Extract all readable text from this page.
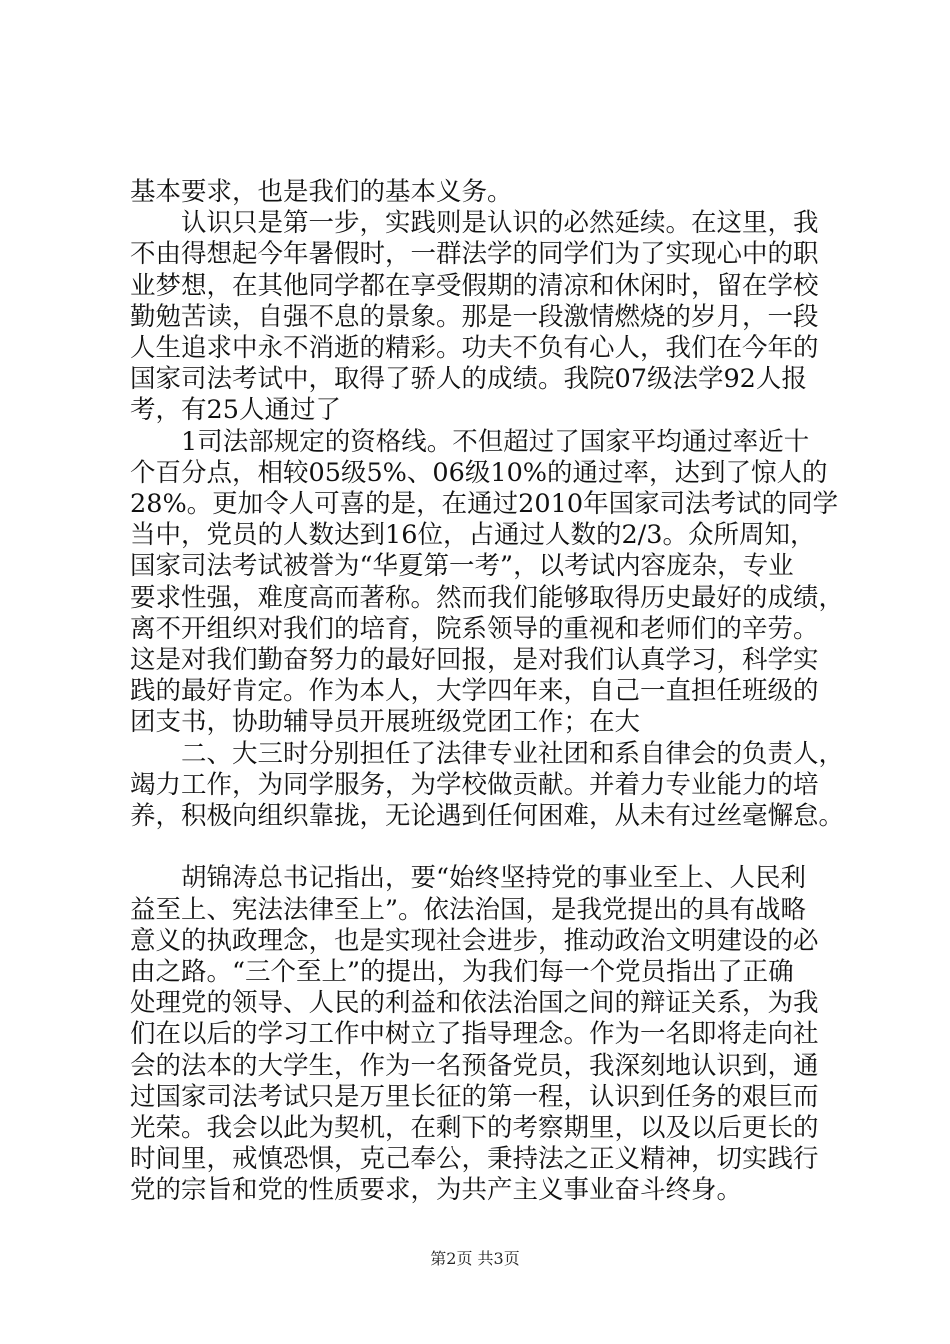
基本要求，也是我们的基本义务。
认识只是第一步，实践则是认识的必然延续。在这里，我
不由得想起今年暑假时，一群法学的同学们为了实现心中的职
业梦想，在其他同学都在享受假期的清凉和休闲时，留在学校
勤勉苦读，自强不息的景象。那是一段激情燃烧的岁月，一段
人生追求中永不消逝的精彩。功夫不负有心人，我们在今年的
国家司法考试中，取得了骄人的成绩。我院07级法学92人报
考，有25人通过了
1司法部规定的资格线。不但超过了国家平均通过率近十
个百分点，相较05级5%、06级10%的通过率，达到了惊人的
28%。更加令人可喜的是，在通过2010年国家司法考试的同学
当中，党员的人数达到16位，占通过人数的2/3。众所周知，
国家司法考试被誉为“华夏第一考”，以考试内容庞杂，专业
要求性强，难度高而著称。然而我们能够取得历史最好的成绩，
离不开组织对我们的培育，院系领导的重视和老师们的辛劳。
这是对我们勤奋努力的最好回报，是对我们认真学习，科学实
践的最好肯定。作为本人，大学四年来，自己一直担任班级的
团支书，协助辅导员开展班级党团工作；在大
二、大三时分别担任了法律专业社团和系自律会的负责人，
竭力工作，为同学服务，为学校做贡献。并着力专业能力的培
养，积极向组织靠拢，无论遇到任何困难，从未有过丝毫懈怠。
胡锦涛总书记指出，要“始终坚持党的事业至上、人民利
益至上、宪法法律至上”。依法治国，是我党提出的具有战略
意义的执政理念，也是实现社会进步，推动政治文明建设的必
由之路。“三个至上”的提出，为我们每一个党员指出了正确
处理党的领导、人民的利益和依法治国之间的辩证关系，为我
们在以后的学习工作中树立了指导理念。作为一名即将走向社
会的法本的大学生，作为一名预备党员，我深刻地认识到，通
过国家司法考试只是万里长征的第一程，认识到任务的艰巨而
光荣。我会以此为契机，在剩下的考察期里，以及以后更长的
时间里，戒慎恐惧，克己奉公，秉持法之正义精神，切实践行
党的宗旨和党的性质要求，为共产主义事业奋斗终身。
第2页 共3页
